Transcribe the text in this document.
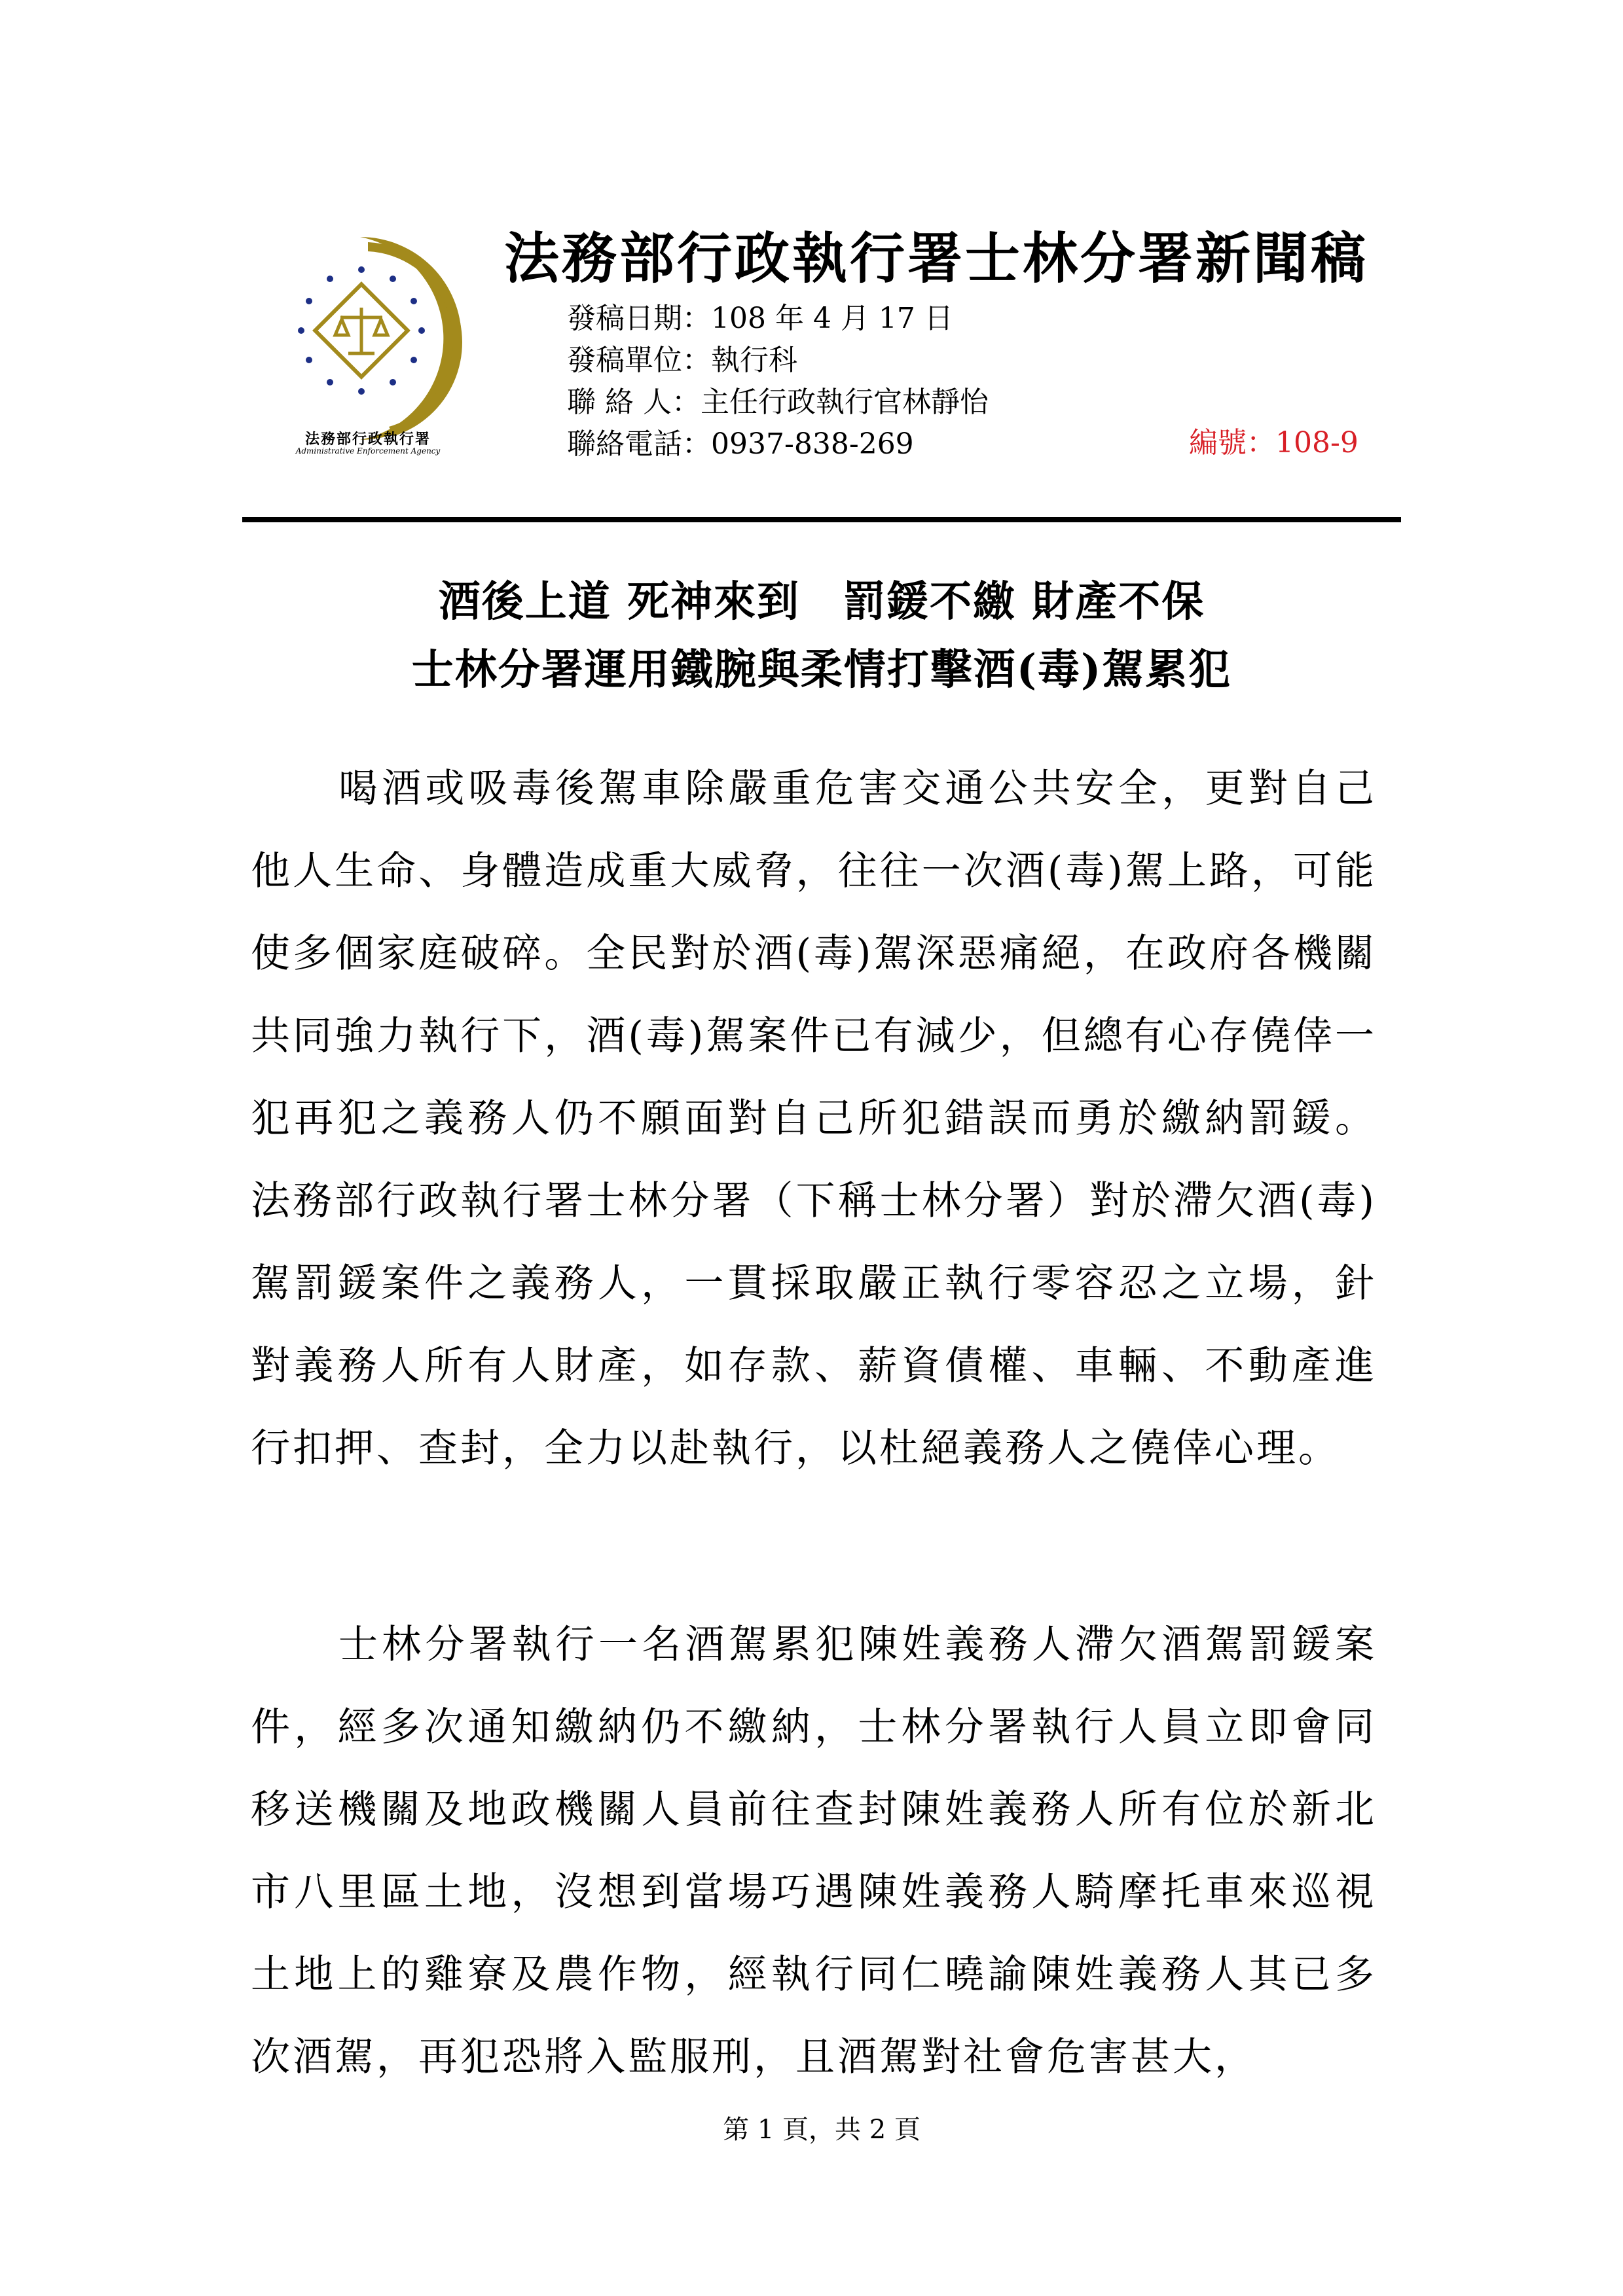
法務部行政執行署
Administrative Enforcement Agency
法務部行政執行署士林分署新聞稿
發稿日期：108 年 4 月 17 日
發稿單位：執行科
聯 絡 人：主任行政執行官林靜怡
聯絡電話：0937-838-269	編號：108-9
酒後上道 死神來到　罰鍰不繳 財產不保
士林分署運用鐵腕與柔情打擊酒(毒)駕累犯

喝酒或吸毒後駕車除嚴重危害交通公共安全，更對自己他人生命、身體造成重大威脅，往往一次酒(毒)駕上路，可能使多個家庭破碎。全民對於酒(毒)駕深惡痛絕，在政府各機關共同強力執行下，酒(毒)駕案件已有減少，但總有心存僥倖一犯再犯之義務人仍不願面對自己所犯錯誤而勇於繳納罰鍰。法務部行政執行署士林分署（下稱士林分署）對於滯欠酒(毒)駕罰鍰案件之義務人，一貫採取嚴正執行零容忍之立場，針對義務人所有人財產，如存款、薪資債權、車輛、不動產進行扣押、查封，全力以赴執行，以杜絕義務人之僥倖心理。

士林分署執行一名酒駕累犯陳姓義務人滯欠酒駕罰鍰案件，經多次通知繳納仍不繳納，士林分署執行人員立即會同移送機關及地政機關人員前往查封陳姓義務人所有位於新北市八里區土地，沒想到當場巧遇陳姓義務人騎摩托車來巡視土地上的雞寮及農作物，經執行同仁曉諭陳姓義務人其已多次酒駕，再犯恐將入監服刑，且酒駕對社會危害甚大，

第 1 頁，共 2 頁
